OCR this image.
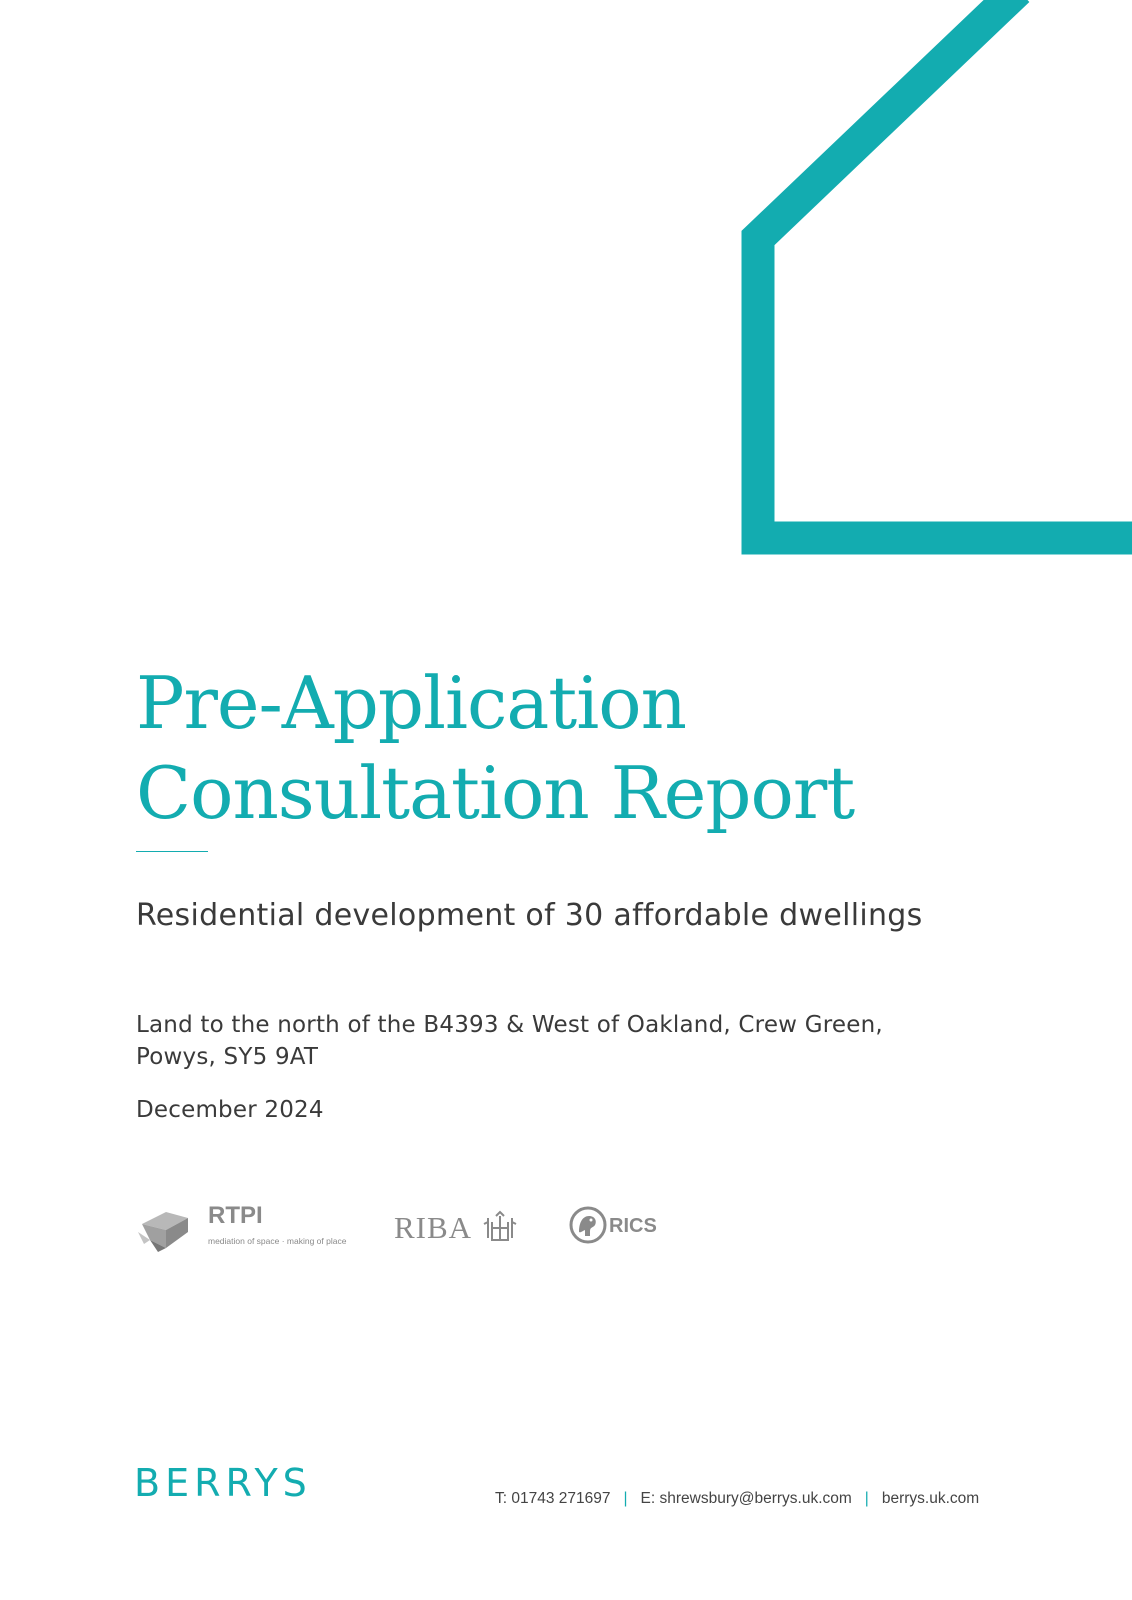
Pre-Application
Consultation Report
Residential development of 30 affordable dwellings
Land to the north of the B4393 & West of Oakland, Crew Green,
Powys, SY5 9AT
December 2024
RTPI
mediation of space · making of place RIBA	RICS
BERRYS	T: 01743 271697 | E: shrewsbury@berrys.uk.com | berrys.uk.com
